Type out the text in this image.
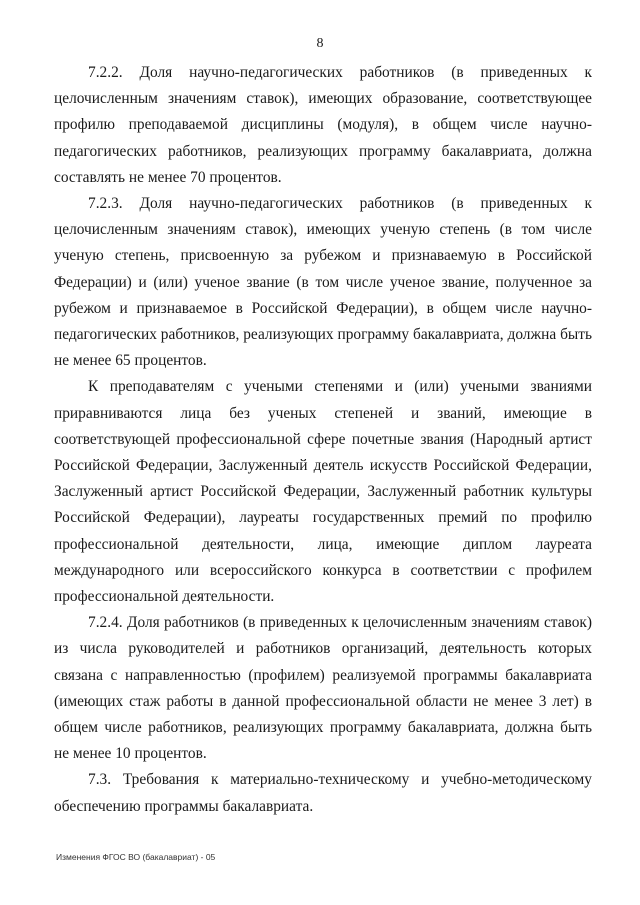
8

7.2.2. Доля научно-педагогических работников (в приведенных к целочисленным значениям ставок), имеющих образование, соответствующее профилю преподаваемой дисциплины (модуля), в общем числе научно-педагогических работников, реализующих программу бакалавриата, должна составлять не менее 70 процентов.

7.2.3. Доля научно-педагогических работников (в приведенных к целочисленным значениям ставок), имеющих ученую степень (в том числе ученую степень, присвоенную за рубежом и признаваемую в Российской Федерации) и (или) ученое звание (в том числе ученое звание, полученное за рубежом и признаваемое в Российской Федерации), в общем числе научно-педагогических работников, реализующих программу бакалавриата, должна быть не менее 65 процентов.

К преподавателям с учеными степенями и (или) учеными званиями приравниваются лица без ученых степеней и званий, имеющие в соответствующей профессиональной сфере почетные звания (Народный артист Российской Федерации, Заслуженный деятель искусств Российской Федерации, Заслуженный артист Российской Федерации, Заслуженный работник культуры Российской Федерации), лауреаты государственных премий по профилю профессиональной деятельности, лица, имеющие диплом лауреата международного или всероссийского конкурса в соответствии с профилем профессиональной деятельности.

7.2.4. Доля работников (в приведенных к целочисленным значениям ставок) из числа руководителей и работников организаций, деятельность которых связана с направленностью (профилем) реализуемой программы бакалавриата (имеющих стаж работы в данной профессиональной области не менее 3 лет) в общем числе работников, реализующих программу бакалавриата, должна быть не менее 10 процентов.

7.3. Требования к материально-техническому и учебно-методическому обеспечению программы бакалавриата.

Изменения ФГОС ВО (бакалавриат) - 05
